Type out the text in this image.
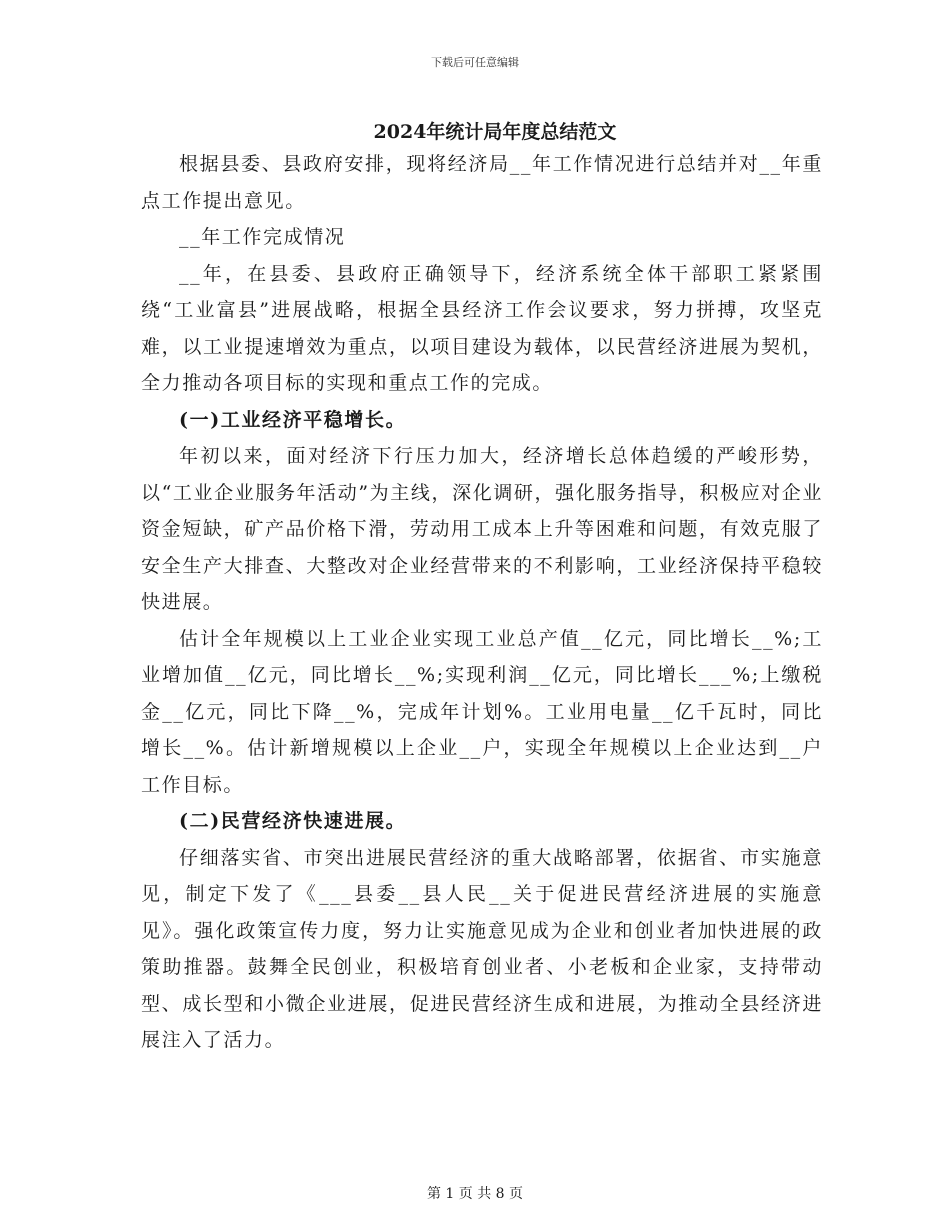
下载后可任意编辑
2024年统计局年度总结范文

根据县委、县政府安排，现将经济局__年工作情况进行总结并对__年重点工作提出意见。

__年工作完成情况

__年，在县委、县政府正确领导下，经济系统全体干部职工紧紧围绕“工业富县”进展战略，根据全县经济工作会议要求，努力拼搏，攻坚克难，以工业提速增效为重点，以项目建设为载体，以民营经济进展为契机，全力推动各项目标的实现和重点工作的完成。

(一)工业经济平稳增长。

年初以来，面对经济下行压力加大，经济增长总体趋缓的严峻形势，以“工业企业服务年活动”为主线，深化调研，强化服务指导，积极应对企业资金短缺，矿产品价格下滑，劳动用工成本上升等困难和问题，有效克服了安全生产大排查、大整改对企业经营带来的不利影响，工业经济保持平稳较快进展。

估计全年规模以上工业企业实现工业总产值__亿元，同比增长__%;工业增加值__亿元，同比增长__%;实现利润__亿元，同比增长___%;上缴税金__亿元，同比下降__%，完成年计划%。工业用电量__亿千瓦时，同比增长__%。估计新增规模以上企业__户，实现全年规模以上企业达到__户工作目标。

(二)民营经济快速进展。

仔细落实省、市突出进展民营经济的重大战略部署，依据省、市实施意见，制定下发了《___县委__县人民__关于促进民营经济进展的实施意见》。强化政策宣传力度，努力让实施意见成为企业和创业者加快进展的政策助推器。鼓舞全民创业，积极培育创业者、小老板和企业家，支持带动型、成长型和小微企业进展，促进民营经济生成和进展，为推动全县经济进展注入了活力。

第 1 页 共 8 页
